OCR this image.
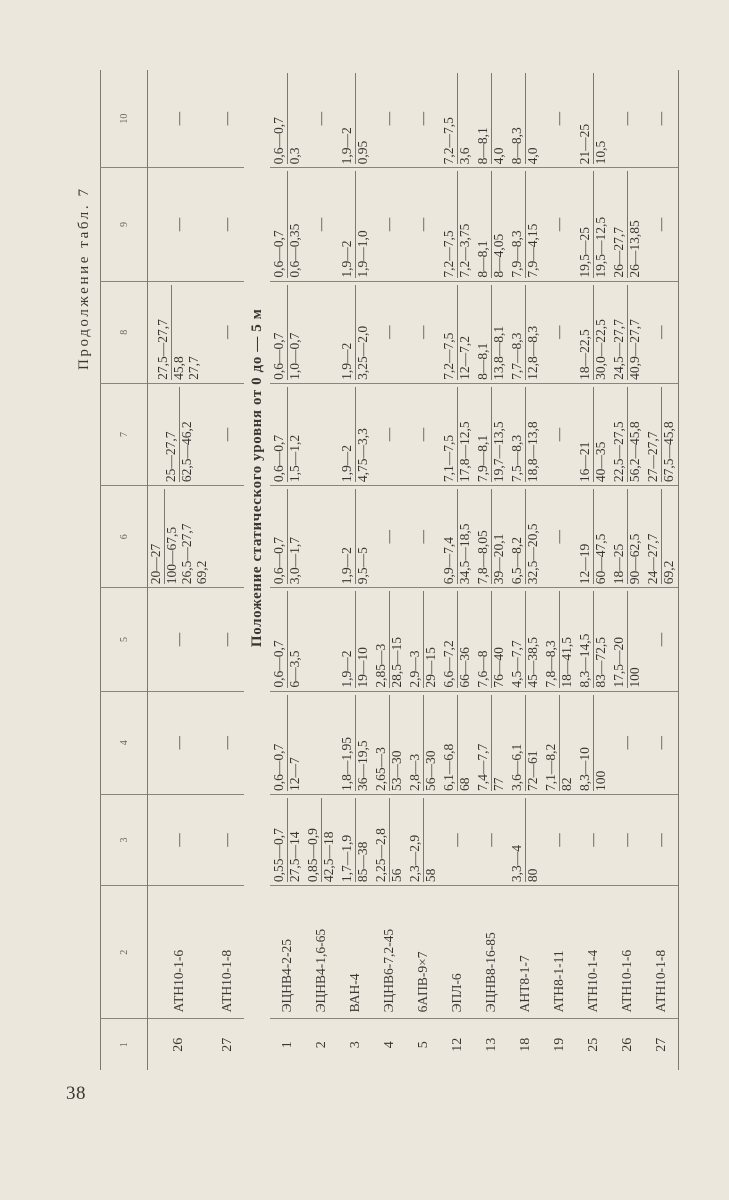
38
Продолжение табл. 7
1	2	3	4	5	6	7	8	9	10

26	АТН10-1-6	—	—	—	20—27 100—67,5 26,5—27,7 69,2	25—27,7 62,5—46,2	27,5—27,7 45,8 27,7	—	—

27	АТН10-1-8	—	—	—		—	—	—	—

		Положение статического уровня от 0 до — 5 м							

1	ЭЦНВ4-2-25	0,55—0,7 27,5—14	0,6—0,7 12—7	0,6—0,7 6—3,5	0,6—0,7 3,0—1,7	0,6—0,7 1,5—1,2	0,6—0,7 1,0—0,7	0,6—0,7 0,6—0,35	0,6—0,7 0,3

2	ЭЦНВ4-1,6-65	0,85—0,9 42,5—18						—	—

3	ВАН-4	1,7—1,9 85—38	1,8—1,95 36—19,5	1,9—2 19—10	1,9—2 9,5—5	1,9—2 4,75—3,3	1,9—2 3,25—2,0	1,9—2 1,9—1,0	1,9—2 0,95

4	ЭЦНВ6-7,2-45	2,25—2,8 56	2,65—3 53—30	2,85—3 28,5—15	—	—	—	—	—

5	6АПВ-9×7	2,3—2,9 58	2,8—3 56—30	2,9—3 29—15	—	—	—	—	—

12	ЭПЛ-6	—	6,1—6,8 68	6,6—7,2 66—36	6,9—7,4 34,5—18,5	7,1—7,5 17,8—12,5	7,2—7,5 12—7,2	7,2—7,5 7,2—3,75	7,2—7,5 3,6

13	ЭЦНВ8-16-85	—	7,4—7,7 77	7,6—8 76—40	7,8—8,05 39—20,1	7,9—8,1 19,7—13,5	8—8,1 13,8—8,1	8—8,1 8—4,05	8—8,1 4,0

18	АНТ8-1-7	3,3—4 80	3,6—6,1 72—61	4,5—7,7 45—38,5	6,5—8,2 32,5—20,5	7,5—8,3 18,8—13,8	7,7—8,3 12,8—8,3	7,9—8,3 7,9—4,15	8—8,3 4,0

19	АТН8-1-11	—	7,1—8,2 82	7,8—8,3 18—41,5	—	—	—	—	—

25	АТН10-1-4	—	8,3—10 100	8,3—14,5 83—72,5	12—19 60—47,5	16—21 40—35	18—22,5 30,0—22,5	19,5—25 19,5—12,5	21—25 10,5

26	АТН10-1-6	—	—	17,5—20 100	18—25 90—62,5	22,5—27,5 56,2—45,8	24,5—27,7 40,9—27,7	26—27,7 26—13,85	—

27	АТН10-1-8	—	—	—	24—27,7 69,2	27—27,7 67,5—45,8	—	—	—
